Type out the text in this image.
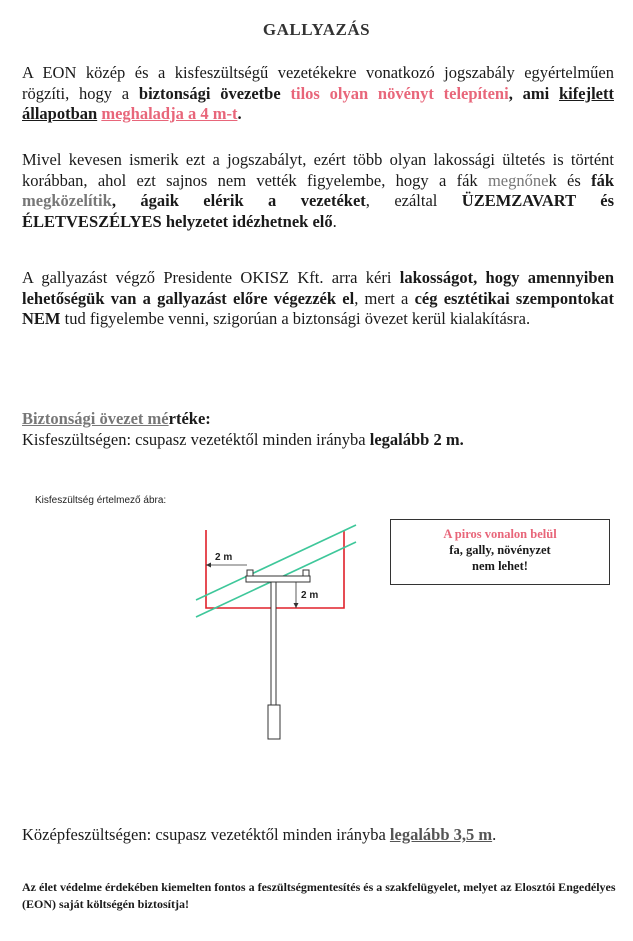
GALLYAZÁS
A EON közép és a kisfeszültségű vezetékekre vonatkozó jogszabály egyértelműen rögzíti, hogy a biztonsági övezetbe tilos olyan növényt telepíteni, ami kifejlett állapotban meghaladja a 4 m-t.
Mivel kevesen ismerik ezt a jogszabályt, ezért több olyan lakossági ültetés is történt korábban, ahol ezt sajnos nem vették figyelembe, hogy a fák megnőnek és fák megközelítik, ágaik elérik a vezetéket, ezáltal ÜZEMZAVART és ÉLETVESZÉLYES helyzetet idézhetnek elő.
A gallyazást végző Presidente OKISZ Kft. arra kéri lakosságot, hogy amennyiben lehetőségük van a gallyazást előre végezzék el, mert a cég esztétikai szempontokat NEM tud figyelembe venni, szigorúan a biztonsági övezet kerül kialakításra.
Biztonsági övezet mértéke:
Kisfeszültségen: csupasz vezetéktől minden irányba legalább 2 m.
Kisfeszültség értelmező ábra:
2 m
2 m
A piros vonalon belül
fa, gally, növényzet
nem lehet!
Középfeszültségen: csupasz vezetéktől minden irányba legalább 3,5 m.
Az élet védelme érdekében kiemelten fontos a feszültségmentesítés és a szakfelügyelet, melyet az Elosztói Engedélyes (EON) saját költségén biztosítja!
